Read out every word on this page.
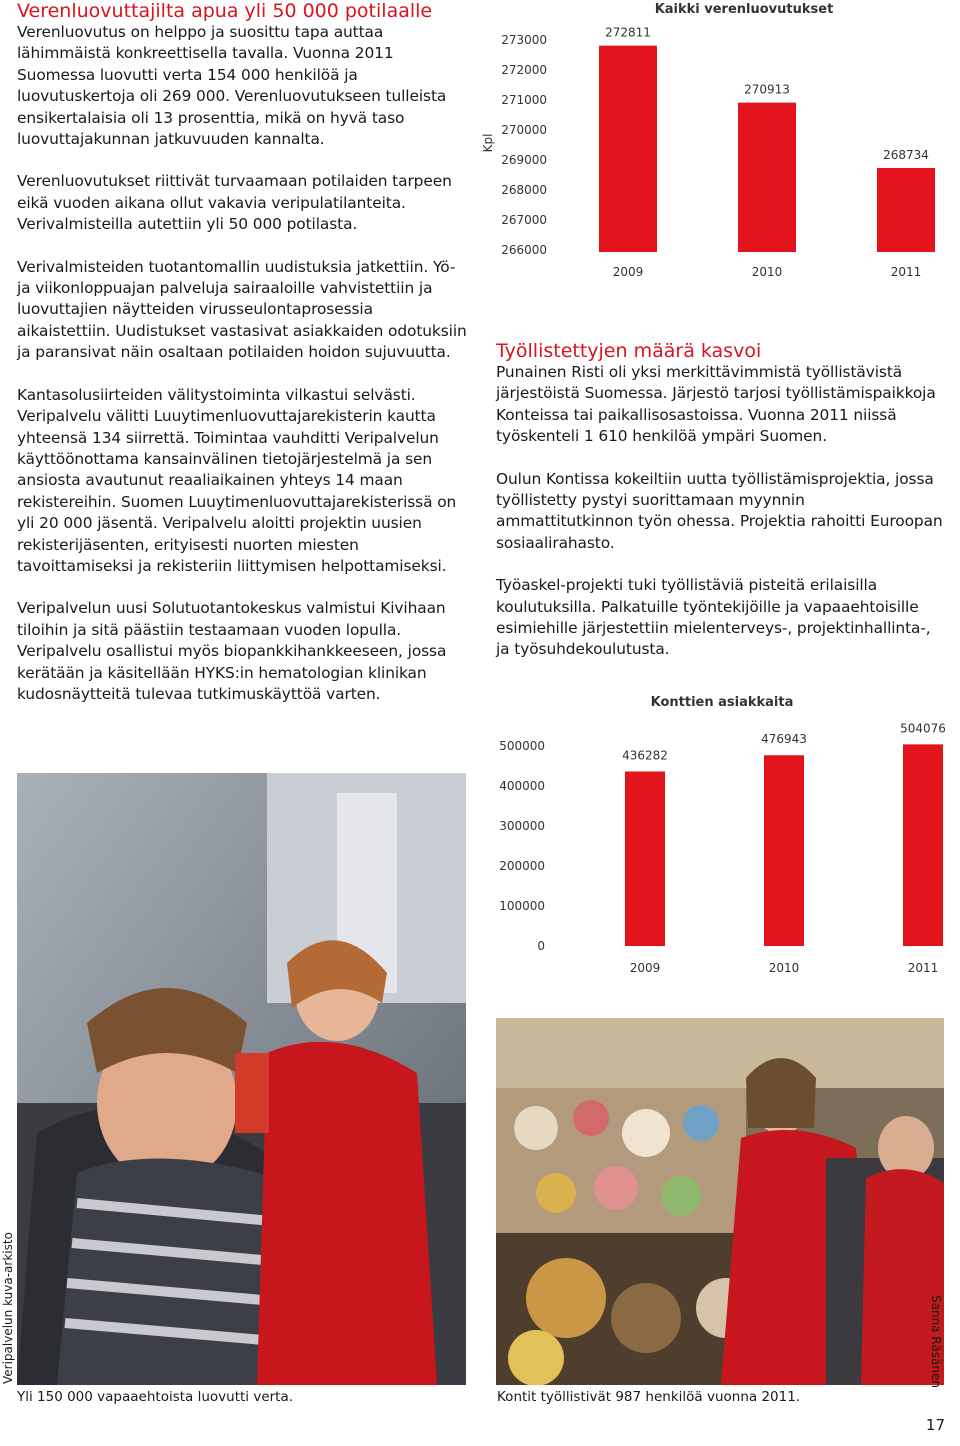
Verenluovuttajilta apua yli 50 000 potilaalle

Verenluovutus on helppo ja suosittu tapa auttaa lähimmäistä konkreettisella tavalla. Vuonna 2011 Suomessa luovutti verta 154 000 henkilöä ja luovutuskertoja oli 269 000. Verenluovutukseen tulleista ensikertalaisia oli 13 prosenttia, mikä on hyvä taso luovuttajakunnan jatkuvuuden kannalta.

Verenluovutukset riittivät turvaamaan potilaiden tarpeen eikä vuoden aikana ollut vakavia veripulatilanteita. Verivalmisteilla autettiin yli 50 000 potilasta.

Verivalmisteiden tuotantomallin uudistuksia jatkettiin. Yö- ja viikonloppuajan palveluja sairaaloille vahvistettiin ja luovuttajien näytteiden virusseulontaprosessia aikaistettiin. Uudistukset vastasivat asiakkaiden odotuksiin ja paransivat näin osaltaan potilaiden hoidon sujuvuutta.

Kantasolusiirteiden välitystoiminta vilkastui selvästi. Veripalvelu välitti Luuytimenluovuttajarekisterin kautta yhteensä 134 siirrettä. Toimintaa vauhditti Veripalvelun käyttöönottama kansainvälinen tietojärjestelmä ja sen ansiosta avautunut reaaliaikainen yhteys 14 maan rekistereihin. Suomen Luuytimenluovuttajarekisterissä on yli 20 000 jäsentä. Veripalvelu aloitti projektin uusien rekisterijäsenten, erityisesti nuorten miesten tavoittamiseksi ja rekisteriin liittymisen helpottamiseksi.

Veripalvelun uusi Solutuotantokeskus valmistui Kivihaan tiloihin ja sitä päästiin testaamaan vuoden lopulla. Veripalvelu osallistui myös biopankkihankkeeseen, jossa kerätään ja käsitellään HYKS:in hematologian klinikan kudosnäytteitä tulevaa tutkimuskäyttöä varten.

Kaikki verenluovutukset
Kpl
266000
267000
268000
269000
270000
271000
272000
273000
272811
270913
268734
2009	2010	2011
Työllistettyjen määrä kasvoi

Punainen Risti oli yksi merkittävimmistä työllistävistä järjestöistä Suomessa. Järjestö tarjosi työllistämispaikkoja Konteissa tai paikallisosastoissa. Vuonna 2011 niissä työskenteli 1 610 henkilöä ympäri Suomen.

Oulun Kontissa kokeiltiin uutta työllistämisprojektia, jossa työllistetty pystyi suorittamaan myynnin ammattitutkinnon työn ohessa. Projektia rahoitti Euroopan sosiaalirahasto.

Työaskel-projekti tuki työllistäviä pisteitä erilaisilla koulutuksilla. Palkatuille työntekijöille ja vapaaehtoisille esimiehille järjestettiin mielenterveys-, projektinhallinta-, ja työsuhdekoulutusta.

Konttien asiakkaita
0
100000
200000
300000
400000
500000
436282
476943
504076
2009	2010	2011
Veripalvelun kuva-arkisto
Yli 150 000 vapaaehtoista luovutti verta.
Sanna Räsänen
Kontit työllistivät 987 henkilöä vuonna 2011.
17
